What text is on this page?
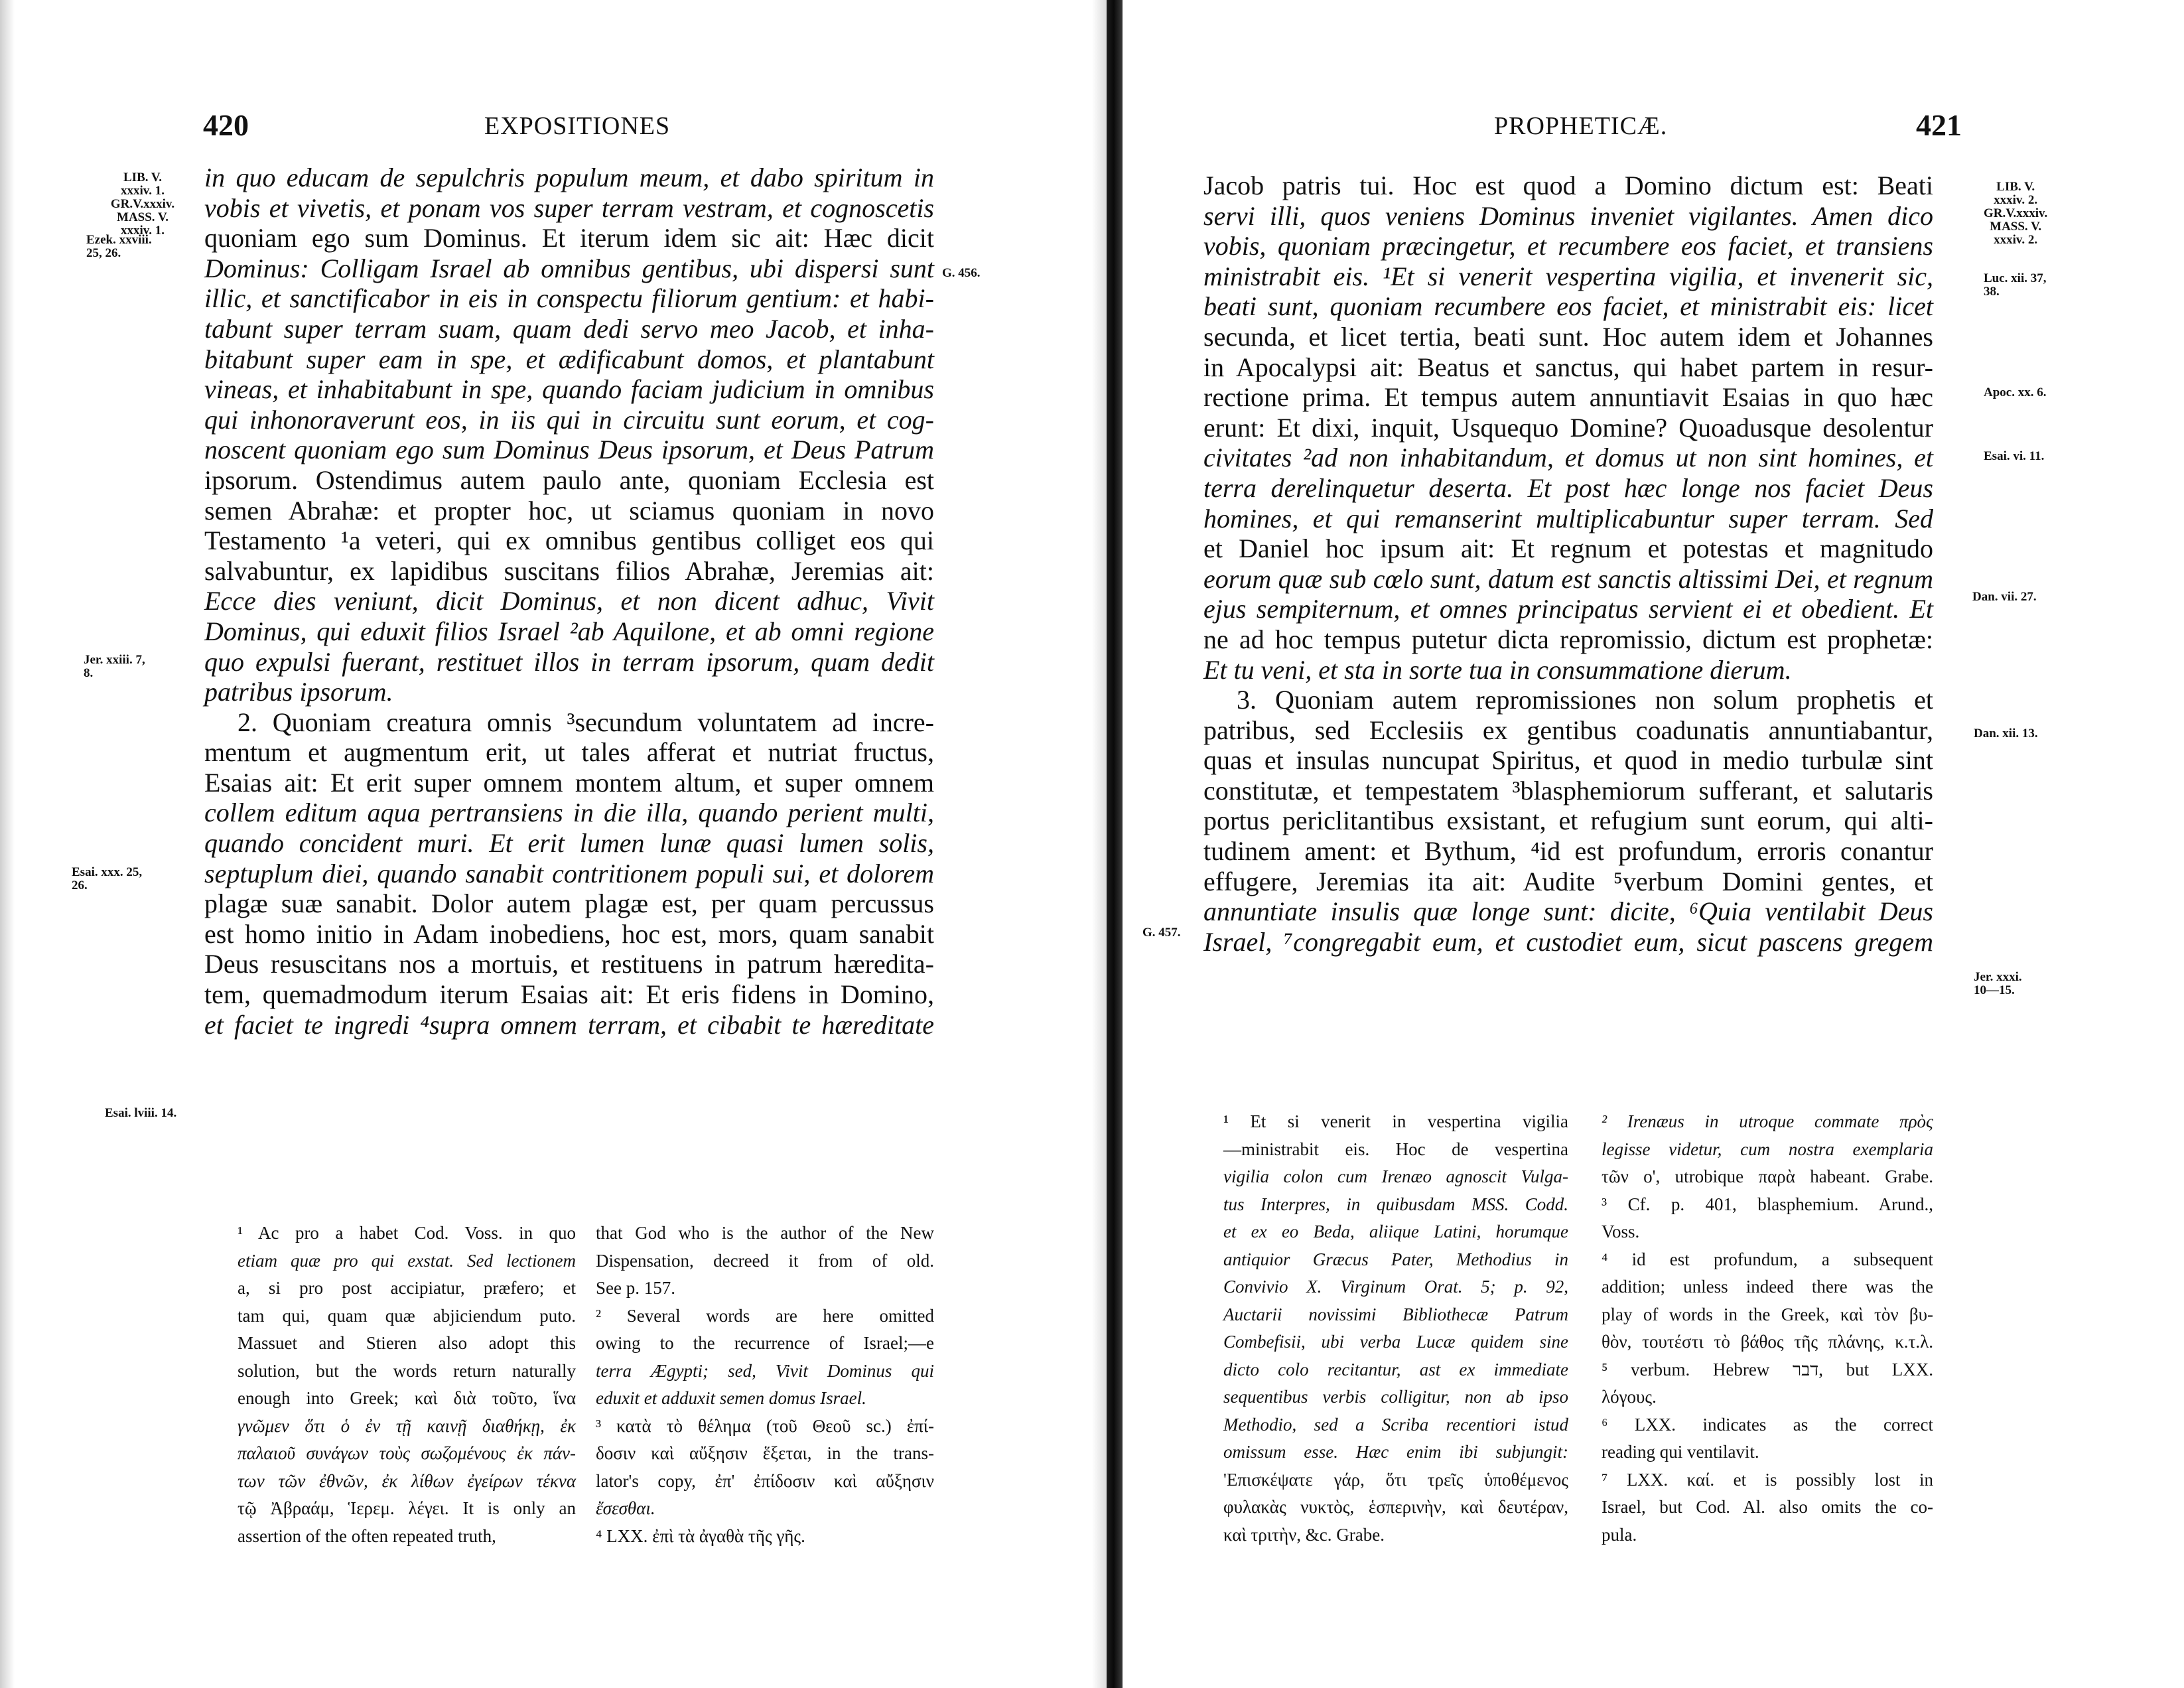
420	EXPOSITIONES
LIB. V.
xxxiv. 1.
GR.V.xxxiv.
MASS. V.
xxxiv. 1.
Ezek. xxviii.
25, 26.
G. 456.
Jer. xxiii. 7,
8.
Esai. xxx. 25,
26.
Esai. lviii. 14.
in quo educam de sepulchris populum meum, et dabo spiritum in
vobis et vivetis, et ponam vos super terram vestram, et cognoscetis
quoniam ego sum Dominus. Et iterum idem sic ait: Hæc dicit
Dominus: Colligam Israel ab omnibus gentibus, ubi dispersi sunt
illic, et sanctificabor in eis in conspectu filiorum gentium: et habi-
tabunt super terram suam, quam dedi servo meo Jacob, et inha-
bitabunt super eam in spe, et ædificabunt domos, et plantabunt
vineas, et inhabitabunt in spe, quando faciam judicium in omnibus
qui inhonoraverunt eos, in iis qui in circuitu sunt eorum, et cog-
noscent quoniam ego sum Dominus Deus ipsorum, et Deus Patrum
ipsorum. Ostendimus autem paulo ante, quoniam Ecclesia est
semen Abrahæ: et propter hoc, ut sciamus quoniam in novo
Testamento ¹a veteri, qui ex omnibus gentibus colliget eos qui
salvabuntur, ex lapidibus suscitans filios Abrahæ, Jeremias ait:
Ecce dies veniunt, dicit Dominus, et non dicent adhuc, Vivit
Dominus, qui eduxit filios Israel ²ab Aquilone, et ab omni regione
quo expulsi fuerant, restituet illos in terram ipsorum, quam dedit
patribus ipsorum.
2. Quoniam creatura omnis ³secundum voluntatem ad incre-
mentum et augmentum erit, ut tales afferat et nutriat fructus,
Esaias ait: Et erit super omnem montem altum, et super omnem
collem editum aqua pertransiens in die illa, quando perient multi,
quando concident muri. Et erit lumen lunæ quasi lumen solis,
septuplum diei, quando sanabit contritionem populi sui, et dolorem
plagæ suæ sanabit. Dolor autem plagæ est, per quam percussus
est homo initio in Adam inobediens, hoc est, mors, quam sanabit
Deus resuscitans nos a mortuis, et restituens in patrum hæredita-
tem, quemadmodum iterum Esaias ait: Et eris fidens in Domino,
et faciet te ingredi ⁴supra omnem terram, et cibabit te hæreditate
¹ Ac pro a habet Cod. Voss. in quo
etiam quæ pro qui exstat. Sed lectionem
a, si pro post accipiatur, præfero; et
tam qui, quam quæ abjiciendum puto.
Massuet and Stieren also adopt this
solution, but the words return naturally
enough into Greek; καὶ διὰ τοῦτο, ἵνα
γνῶμεν ὅτι ὁ ἐν τῇ καινῇ διαθήκῃ, ἐκ
παλαιοῦ συνάγων τοὺς σωζομένους ἐκ πάν-
των τῶν ἐθνῶν, ἐκ λίθων ἐγείρων τέκνα
τῷ Ἀβραάμ, Ἱερεμ. λέγει. It is only an
assertion of the often repeated truth,
that God who is the author of the New
Dispensation, decreed it from of old.
See p. 157.
² Several words are here omitted
owing to the recurrence of Israel;—e
terra Ægypti; sed, Vivit Dominus qui
eduxit et adduxit semen domus Israel.
³ κατὰ τὸ θέλημα (τοῦ Θεοῦ sc.) ἐπί-
δοσιν καὶ αὔξησιν ἕξεται, in the trans-
lator's copy, ἐπ' ἐπίδοσιν καὶ αὔξησιν
ἔσεσθαι.
⁴ LXX. ἐπὶ τὰ ἀγαθὰ τῆς γῆς.
PROPHETICÆ.	421
LIB. V.
xxxiv. 2.
GR.V.xxxiv.
MASS. V.
xxxiv. 2.
Luc. xii. 37,
38.
Apoc. xx. 6.
Esai. vi. 11.
Dan. vii. 27.
Dan. xii. 13.
G. 457.
Jer. xxxi.
10—15.
Jacob patris tui. Hoc est quod a Domino dictum est: Beati
servi illi, quos veniens Dominus inveniet vigilantes. Amen dico
vobis, quoniam præcingetur, et recumbere eos faciet, et transiens
ministrabit eis. ¹Et si venerit vespertina vigilia, et invenerit sic,
beati sunt, quoniam recumbere eos faciet, et ministrabit eis: licet
secunda, et licet tertia, beati sunt. Hoc autem idem et Johannes
in Apocalypsi ait: Beatus et sanctus, qui habet partem in resur-
rectione prima. Et tempus autem annuntiavit Esaias in quo hæc
erunt: Et dixi, inquit, Usquequo Domine? Quoadusque desolentur
civitates ²ad non inhabitandum, et domus ut non sint homines, et
terra derelinquetur deserta. Et post hæc longe nos faciet Deus
homines, et qui remanserint multiplicabuntur super terram. Sed
et Daniel hoc ipsum ait: Et regnum et potestas et magnitudo
eorum quæ sub cœlo sunt, datum est sanctis altissimi Dei, et regnum
ejus sempiternum, et omnes principatus servient ei et obedient. Et
ne ad hoc tempus putetur dicta repromissio, dictum est prophetæ:
Et tu veni, et sta in sorte tua in consummatione dierum.
3. Quoniam autem repromissiones non solum prophetis et
patribus, sed Ecclesiis ex gentibus coadunatis annuntiabantur,
quas et insulas nuncupat Spiritus, et quod in medio turbulæ sint
constitutæ, et tempestatem ³blasphemiorum sufferant, et salutaris
portus periclitantibus exsistant, et refugium sunt eorum, qui alti-
tudinem ament: et Bythum, ⁴id est profundum, erroris conantur
effugere, Jeremias ita ait: Audite ⁵verbum Domini gentes, et
annuntiate insulis quæ longe sunt: dicite, ⁶Quia ventilabit Deus
Israel, ⁷congregabit eum, et custodiet eum, sicut pascens gregem
¹ Et si venerit in vespertina vigilia
—ministrabit eis. Hoc de vespertina
vigilia colon cum Irenæo agnoscit Vulga-
tus Interpres, in quibusdam MSS. Codd.
et ex eo Beda, aliique Latini, horumque
antiquior Græcus Pater, Methodius in
Convivio X. Virginum Orat. 5; p. 92,
Auctarii novissimi Bibliothecæ Patrum
Combefisii, ubi verba Lucæ quidem sine
dicto colo recitantur, ast ex immediate
sequentibus verbis colligitur, non ab ipso
Methodio, sed a Scriba recentiori istud
omissum esse. Hæc enim ibi subjungit:
'Επισκέψατε γάρ, ὅτι τρεῖς ὑποθέμενος
φυλακὰς νυκτὸς, ἑσπερινὴν, καὶ δευτέραν,
καὶ τριτὴν, &c. Grabe.
² Irenæus in utroque commate πρὸς
legisse videtur, cum nostra exemplaria
τῶν ο', utrobique παρὰ habeant. Grabe.
³ Cf. p. 401, blasphemium. Arund.,
Voss.
⁴ id est profundum, a subsequent
addition; unless indeed there was the
play of words in the Greek, καὶ τὸν βυ-
θὸν, τουτέστι τὸ βάθος τῆς πλάνης, κ.τ.λ.
⁵ verbum. Hebrew דבר, but LXX.
λόγους.
⁶ LXX. indicates as the correct
reading qui ventilavit.
⁷ LXX. καί. et is possibly lost in
Israel, but Cod. Al. also omits the co-
pula.
